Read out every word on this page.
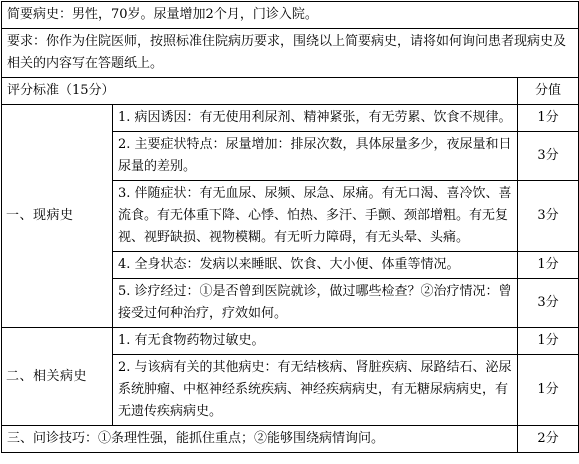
简要病史：男性，70岁。尿量增加2个月，门诊入院。		
要求：你作为住院医师，按照标准住院病历要求，围绕以上简要病史，请将如何询问患者现病史及相关的内容写在答题纸上。		
评分标准（15分）		分值
一、现病史	1. 病因诱因：有无使用利尿剂、精神紧张，有无劳累、饮食不规律。	1分
	2. 主要症状特点：尿量增加：排尿次数，具体尿量多少，夜尿量和日尿量的差别。	3分
	3. 伴随症状：有无血尿、尿频、尿急、尿痛。有无口渴、喜冷饮、喜流食。有无体重下降、心悸、怕热、多汗、手颤、颈部增粗。有无复视、视野缺损、视物模糊。有无听力障碍，有无头晕、头痛。	3分
	4. 全身状态：发病以来睡眠、饮食、大小便、体重等情况。	1分
	5. 诊疗经过：①是否曾到医院就诊，做过哪些检查？②治疗情况：曾接受过何种治疗，疗效如何。	3分
二、相关病史	1. 有无食物药物过敏史。	1分
	2. 与该病有关的其他病史：有无结核病、肾脏疾病、尿路结石、泌尿系统肿瘤、中枢神经系统疾病、神经疾病病史，有无糖尿病病史，有无遗传疾病病史。	1分
三、问诊技巧：①条理性强，能抓住重点；②能够围绕病情询问。		2分
